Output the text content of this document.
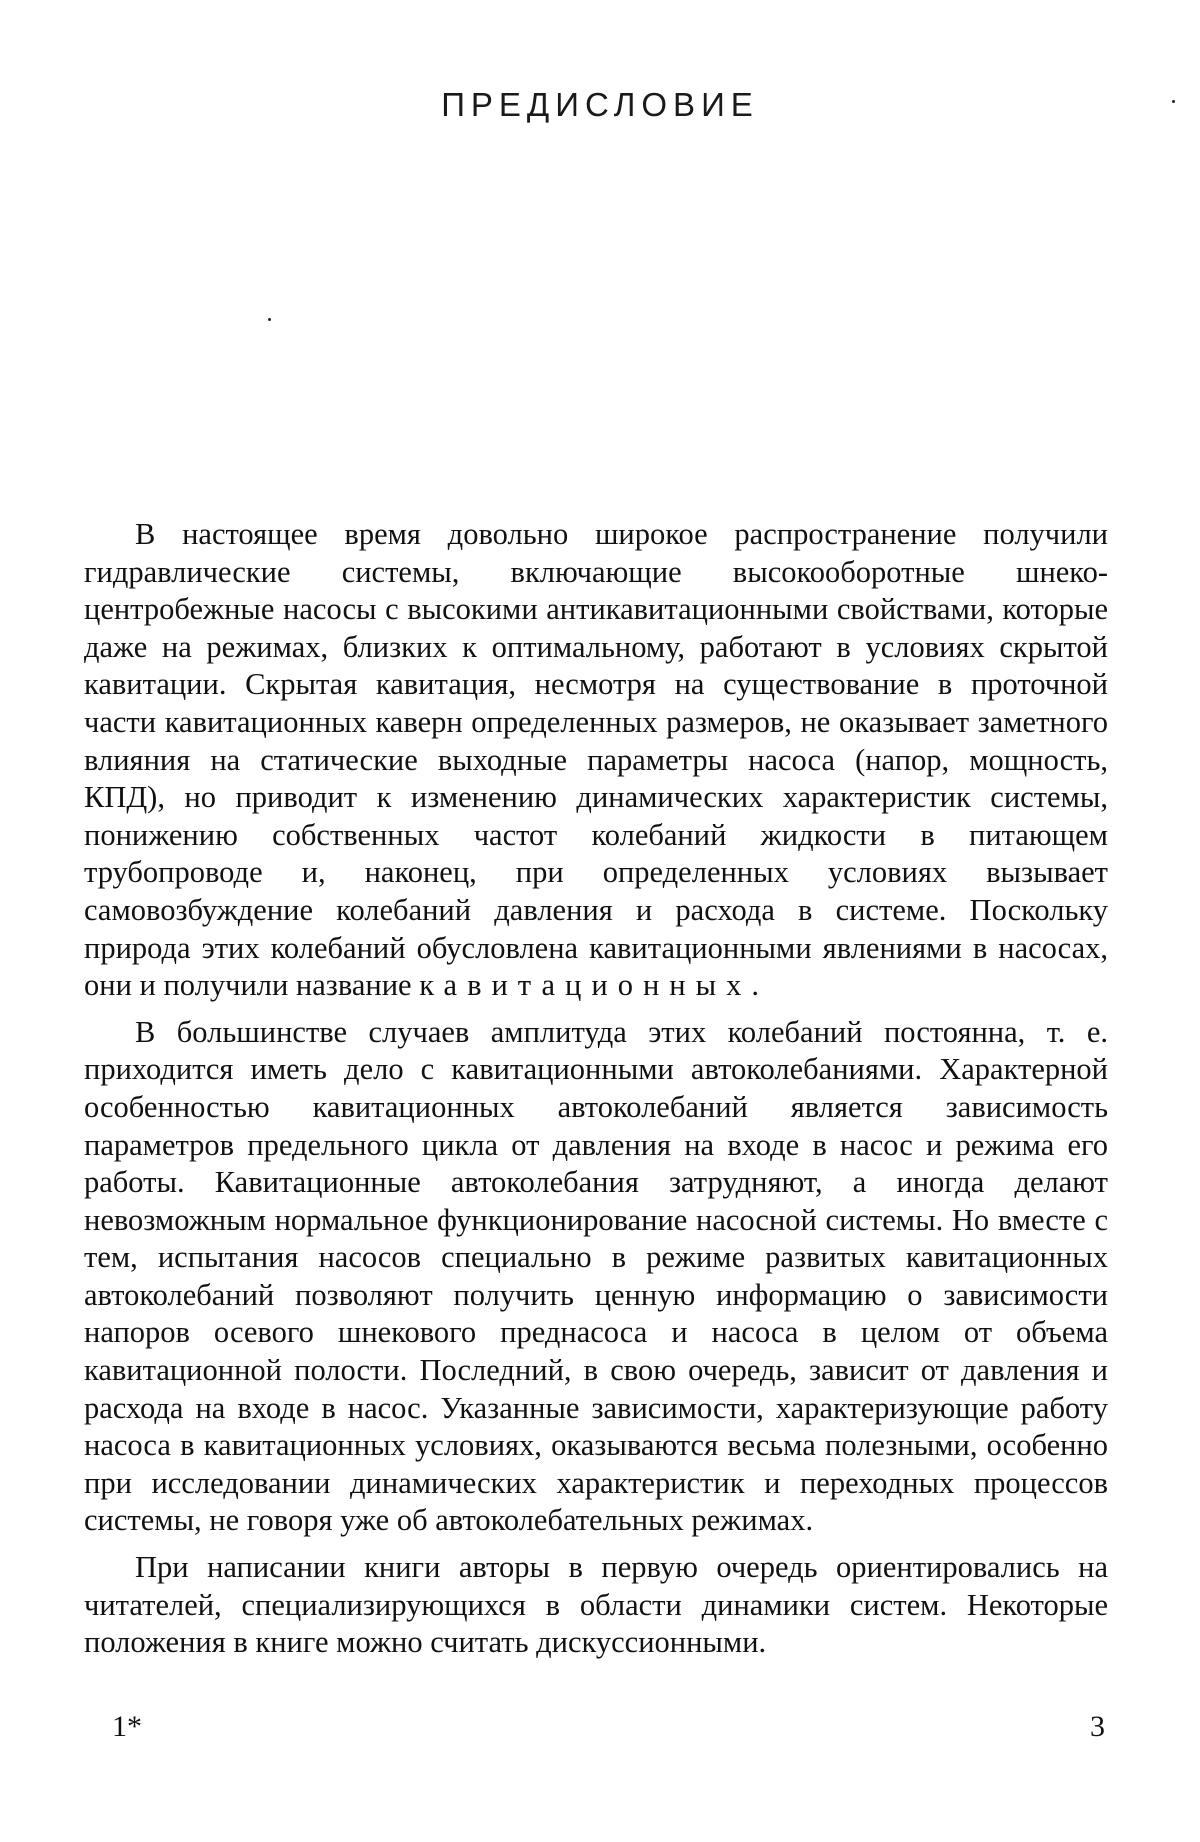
ПРЕДИСЛОВИЕ

В настоящее время довольно широкое распространение получили гидравлические системы, включающие высокооборотные шнеко-центробежные насосы с высокими антикавитационными свойствами, которые даже на режимах, близких к оптимальному, работают в условиях скрытой кавитации. Скрытая кавитация, несмотря на существование в проточной части кавитационных каверн определенных размеров, не оказывает заметного влияния на статические выходные параметры насоса (напор, мощность, КПД), но приводит к изменению динамических характеристик системы, понижению собственных частот колебаний жидкости в питающем трубопроводе и, наконец, при определенных условиях вызывает самовозбуждение колебаний давления и расхода в системе. Поскольку природа этих колебаний обусловлена кавитационными явлениями в насосах, они и получили название кавитационных.

В большинстве случаев амплитуда этих колебаний постоянна, т. е. приходится иметь дело с кавитационными автоколебаниями. Характерной особенностью кавитационных автоколебаний является зависимость параметров предельного цикла от давления на входе в насос и режима его работы. Кавитационные автоколебания затрудняют, а иногда делают невозможным нормальное функционирование насосной системы. Но вместе с тем, испытания насосов специально в режиме развитых кавитационных автоколебаний позволяют получить ценную информацию о зависимости напоров осевого шнекового преднасоса и насоса в целом от объема кавитационной полости. Последний, в свою очередь, зависит от давления и расхода на входе в насос. Указанные зависимости, характеризующие работу насоса в кавитационных условиях, оказываются весьма полезными, особенно при исследовании динамических характеристик и переходных процессов системы, не говоря уже об автоколебательных режимах.

При написании книги авторы в первую очередь ориентировались на читателей, специализирующихся в области динамики систем. Некоторые положения в книге можно считать дискуссионными.

1*	3
